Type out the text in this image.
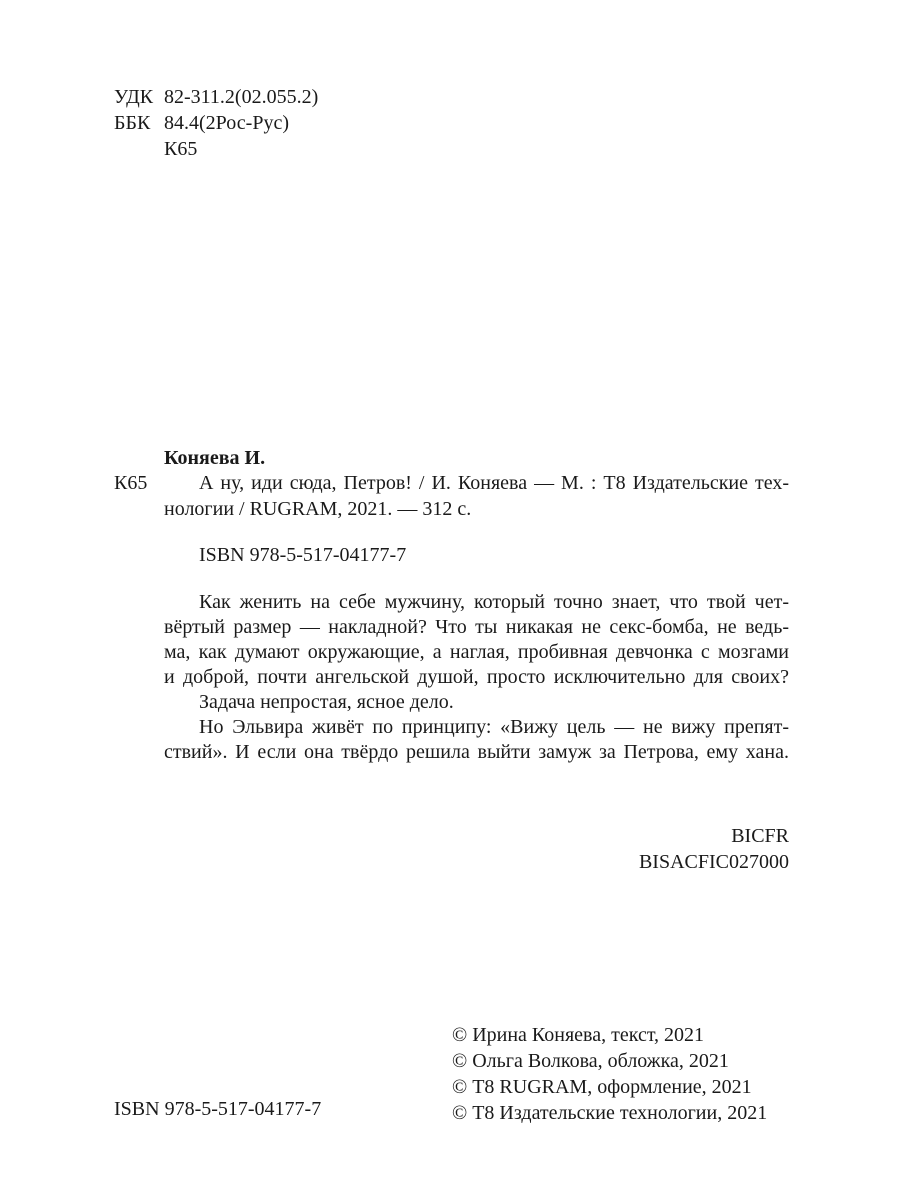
УДК 82-311.2(02.055.2)
ББК 84.4(2Рос-Рус)
К65
Коняева И.
К65	А ну, иди сюда, Петров! / И. Коняева — М. : Т8 Издательские тех-
нологии / RUGRAM, 2021. — 312 с.
ISBN 978-5-517-04177-7
Как женить на себе мужчину, который точно знает, что твой чет-
вёртый размер — накладной? Что ты никакая не секс-бомба, не ведь-
ма, как думают окружающие, а наглая, пробивная девчонка с мозгами
и доброй, почти ангельской душой, просто исключительно для своих?
Задача непростая, ясное дело.
Но Эльвира живёт по принципу: «Вижу цель — не вижу препят-
ствий». И если она твёрдо решила выйти замуж за Петрова, ему хана.
BICFR
BISACFIC027000
© Ирина Коняева, текст, 2021
© Ольга Волкова, обложка, 2021
© Т8 RUGRAM, оформление, 2021
© Т8 Издательские технологии, 2021
ISBN 978-5-517-04177-7
